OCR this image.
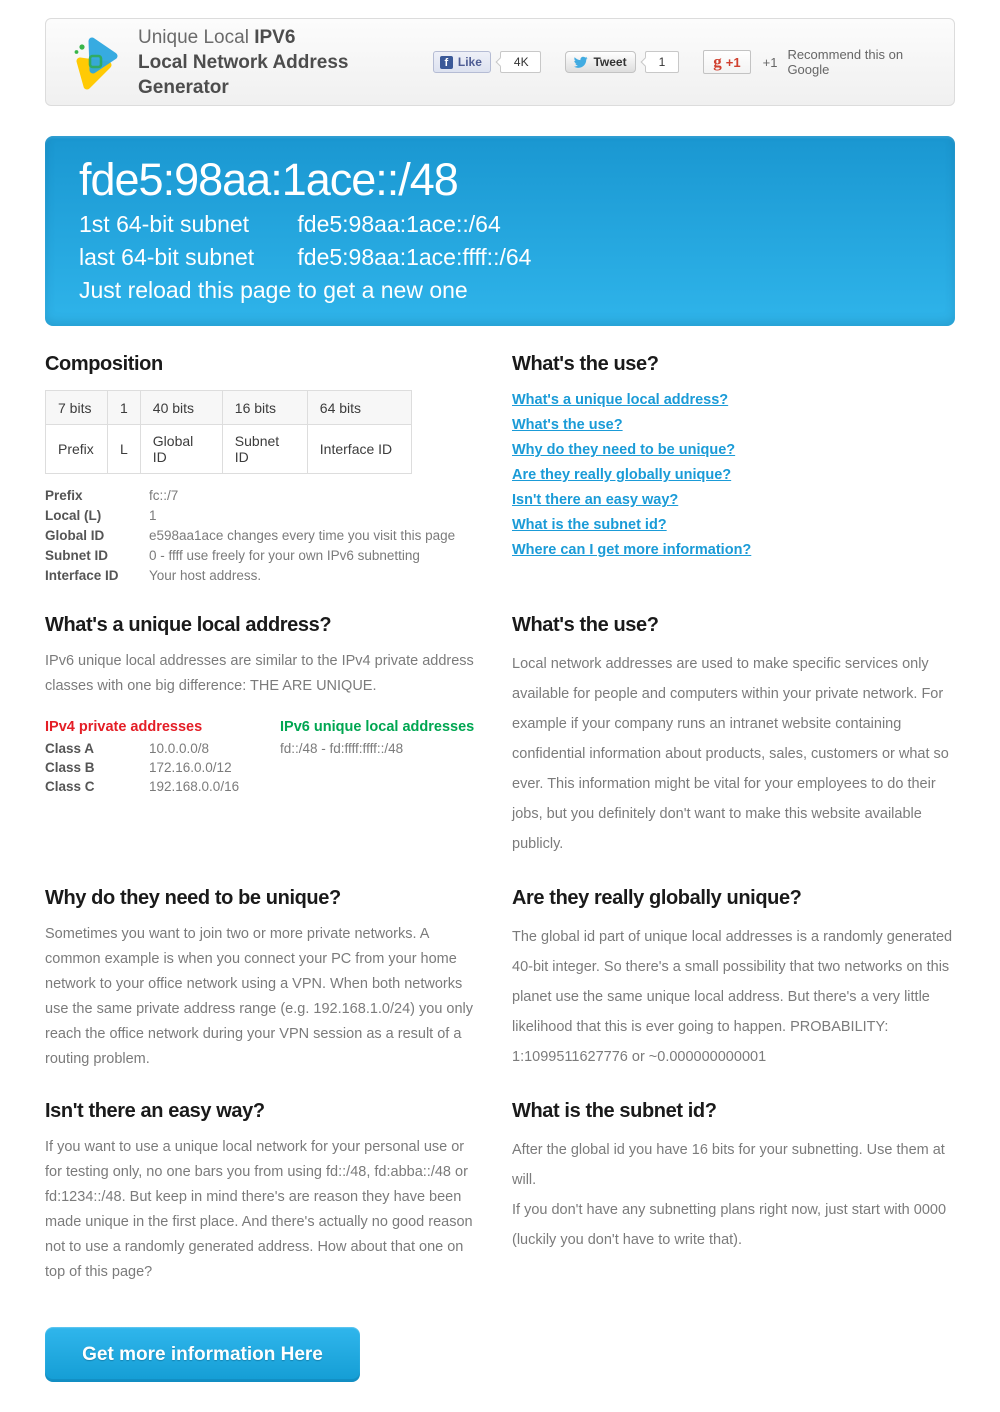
Unique Local IPV6
Local Network Address Generator
f Like	4K	Tweet	1	g +1 +1 Recommend this on Google
fde5:98aa:1ace::/48
1st 64-bit subnet fde5:98aa:1ace::/64
last 64-bit subnet fde5:98aa:1ace:ffff::/64
Just reload this page to get a new one
Composition
7 bits	1	40 bits	16 bits	64 bits
Prefix	L	Global ID	Subnet ID	Interface ID
Prefix	fc::/7
Local (L)	1
Global ID	e598aa1ace changes every time you visit this page
Subnet ID	0 - ffff use freely for your own IPv6 subnetting
Interface ID	Your host address.
What's the use?
What's a unique local address?
What's the use?
Why do they need to be unique?
Are they really globally unique?
Isn't there an easy way?
What is the subnet id?
Where can I get more information?
What's a unique local address?

IPv6 unique local addresses are similar to the IPv4 private address classes with one big difference: THE ARE UNIQUE.

IPv4 private addresses
Class A	10.0.0.0/8
Class B	172.16.0.0/12
Class C	192.168.0.0/16
IPv6 unique local addresses
fd::/48 - fd:ffff:ffff::/48
What's the use?

Local network addresses are used to make specific services only available for people and computers within your private network. For example if your company runs an intranet website containing confidential information about products, sales, customers or what so ever. This information might be vital for your employees to do their jobs, but you definitely don't want to make this website available publicly.

Why do they need to be unique?

Sometimes you want to join two or more private networks. A common example is when you connect your PC from your home network to your office network using a VPN. When both networks use the same private address range (e.g. 192.168.1.0/24) you only reach the office network during your VPN session as a result of a routing problem.

Are they really globally unique?

The global id part of unique local addresses is a randomly generated 40-bit integer. So there's a small possibility that two networks on this planet use the same unique local address. But there's a very little likelihood that this is ever going to happen. PROBABILITY: 1:1099511627776 or ~0.000000000001

Isn't there an easy way?

If you want to use a unique local network for your personal use or for testing only, no one bars you from using fd::/48, fd:abba::/48 or fd:1234::/48. But keep in mind there's are reason they have been made unique in the first place. And there's actually no good reason not to use a randomly generated address. How about that one on top of this page?

What is the subnet id?

After the global id you have 16 bits for your subnetting. Use them at will.

If you don't have any subnetting plans right now, just start with 0000 (luckily you don't have to write that).

Get more information Here
